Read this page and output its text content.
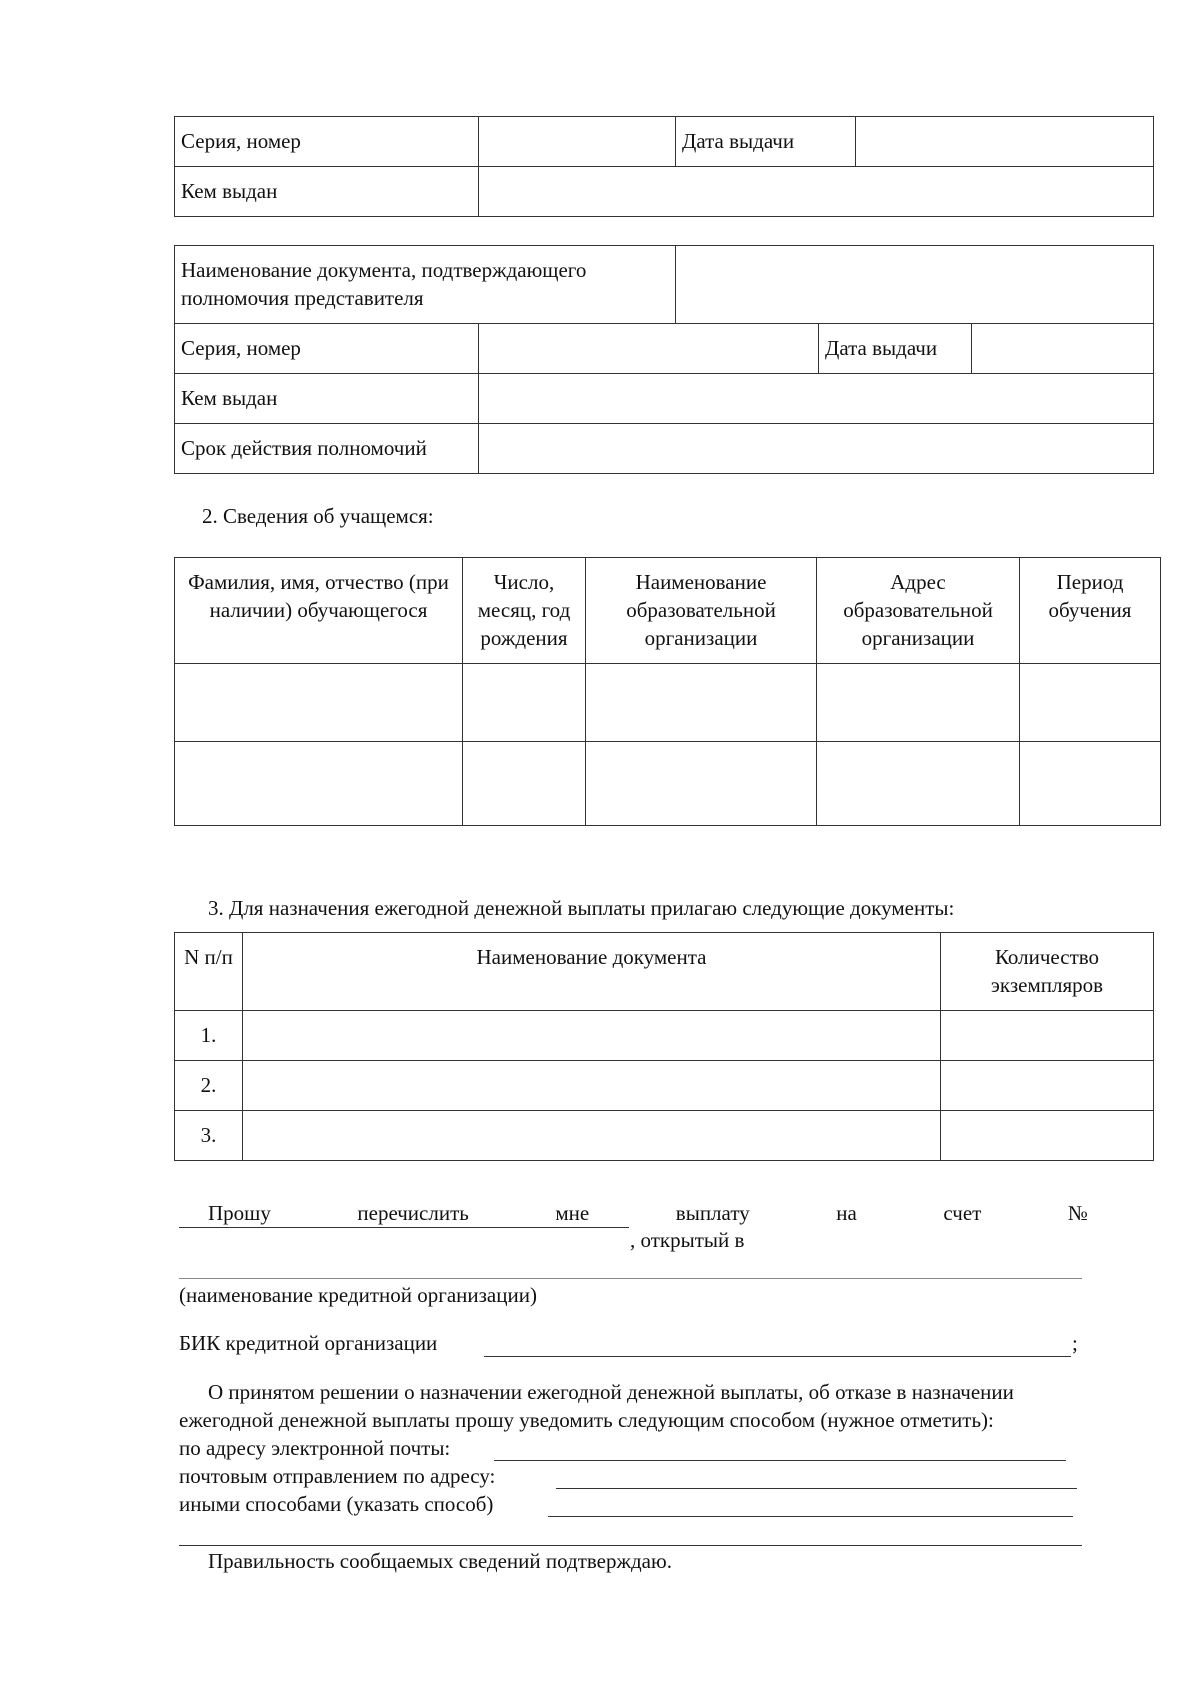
Серия, номер		Дата выдачи	
Кем выдан			
Наименование документа, подтверждающего полномочия представителя				
Серия, номер			Дата выдачи	
Кем выдан				
Срок действия полномочий				
2. Сведения об учащемся:
Фамилия, имя, отчество (при наличии) обучающегося	Число, месяц, год рождения	Наименование образовательной организации	Адрес образовательной организации	Период обучения

3. Для назначения ежегодной денежной выплаты прилагаю следующие документы:
N п/п	Наименование документа	Количество экземпляров
1.		
2.		
3.		
Прошу	перечислить	мне	выплату	на	счет	№
, открытый в
(наименование кредитной организации)
БИК кредитной организации	;
О принятом решении о назначении ежегодной денежной выплаты, об отказе в назначении
ежегодной денежной выплаты прошу уведомить следующим способом (нужное отметить):
по адресу электронной почты:
почтовым отправлением по адресу:
иными способами (указать способ)
Правильность сообщаемых сведений подтверждаю.
